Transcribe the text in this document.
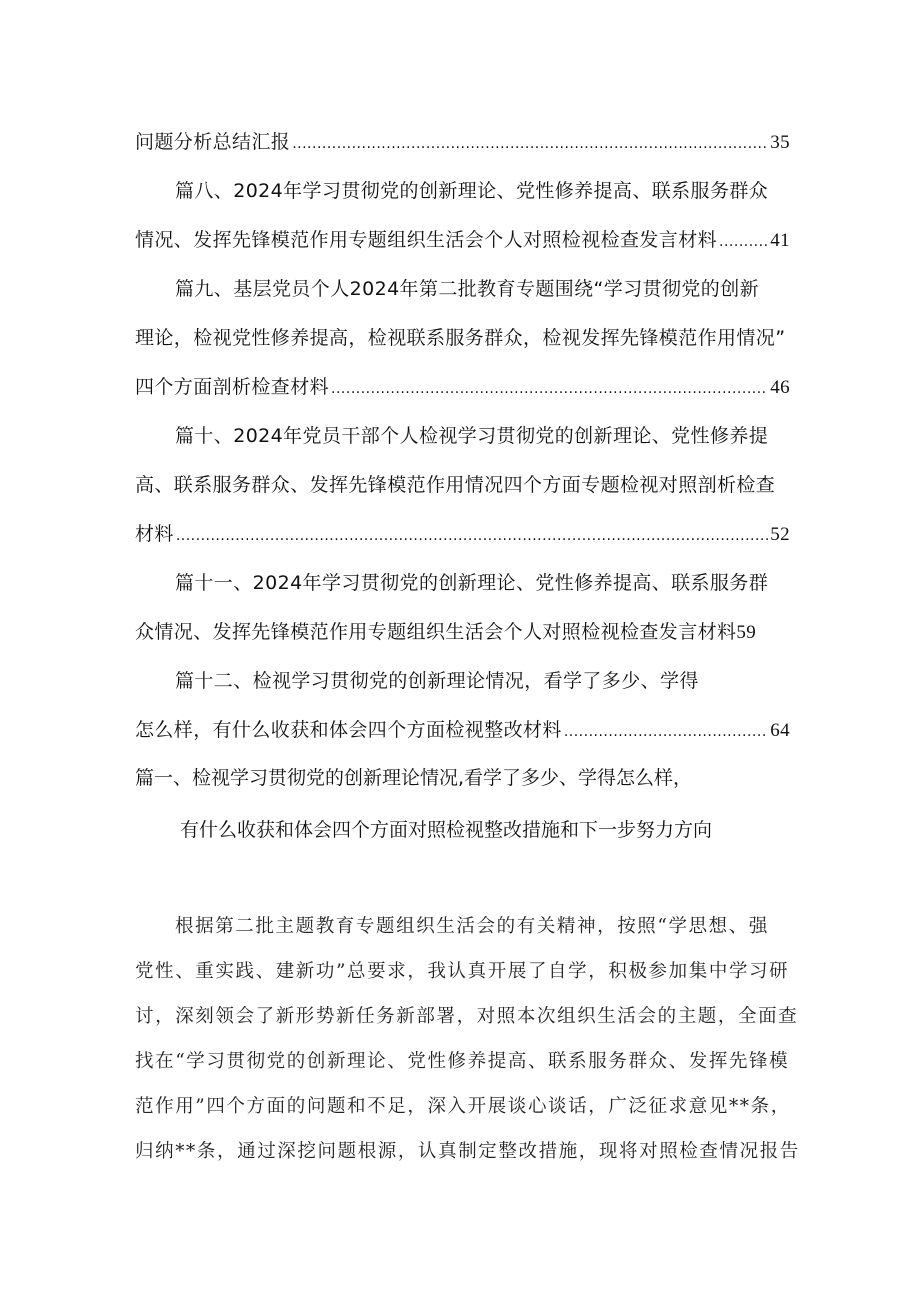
问题分析总结汇报 .....	35
篇八、2024年学习贯彻党的创新理论、党性修养提高、联系服务群众
情况、发挥先锋模范作用专题组织生活会个人对照检视检查发言材料 .....	41
篇九、基层党员个人2024年第二批教育专题围绕“学习贯彻党的创新
理论，检视党性修养提高，检视联系服务群众，检视发挥先锋模范作用情况”
四个方面剖析检查材料 .....	46
篇十、2024年党员干部个人检视学习贯彻党的创新理论、党性修养提
高、联系服务群众、发挥先锋模范作用情况四个方面专题检视对照剖析检查
材料 .....	52
篇十一、2024年学习贯彻党的创新理论、党性修养提高、联系服务群
众情况、发挥先锋模范作用专题组织生活会个人对照检视检查发言材料 59
篇十二、检视学习贯彻党的创新理论情况，看学了多少、学得
怎么样，有什么收获和体会四个方面检视整改材料 .....	64
篇一、检视学习贯彻党的创新理论情况,看学了多少、学得怎么样，
有什么收获和体会四个方面对照检视整改措施和下一步努力方向
根据第二批主题教育专题组织生活会的有关精神，按照“学思想、强
党性、重实践、建新功”总要求，我认真开展了自学，积极参加集中学习研
讨，深刻领会了新形势新任务新部署，对照本次组织生活会的主题，全面查
找在“学习贯彻党的创新理论、党性修养提高、联系服务群众、发挥先锋模
范作用”四个方面的问题和不足，深入开展谈心谈话，广泛征求意见**条，
归纳**条，通过深挖问题根源，认真制定整改措施，现将对照检查情况报告
